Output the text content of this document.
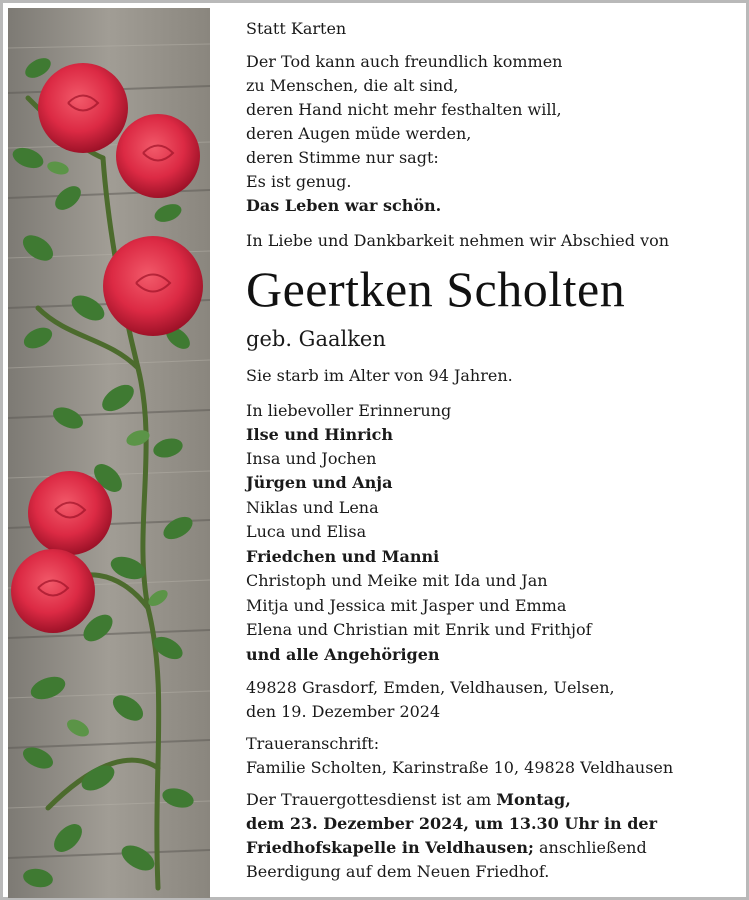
Statt Karten
Der Tod kann auch freundlich kommen
zu Menschen, die alt sind,
deren Hand nicht mehr festhalten will,
deren Augen müde werden,
deren Stimme nur sagt:
Es ist genug.
Das Leben war schön.
In Liebe und Dankbarkeit nehmen wir Abschied von
Geertken Scholten
geb. Gaalken
Sie starb im Alter von 94 Jahren.
In liebevoller Erinnerung
Ilse und Hinrich
Insa und Jochen
Jürgen und Anja
Niklas und Lena
Luca und Elisa
Friedchen und Manni
Christoph und Meike mit Ida und Jan
Mitja und Jessica mit Jasper und Emma
Elena und Christian mit Enrik und Frithjof
und alle Angehörigen
49828 Grasdorf, Emden, Veldhausen, Uelsen,
den 19. Dezember 2024
Traueranschrift:
Familie Scholten, Karinstraße 10, 49828 Veldhausen
Der Trauergottesdienst ist am Montag,
dem 23. Dezember 2024, um 13.30 Uhr in der
Friedhofskapelle in Veldhausen; anschließend
Beerdigung auf dem Neuen Friedhof.
